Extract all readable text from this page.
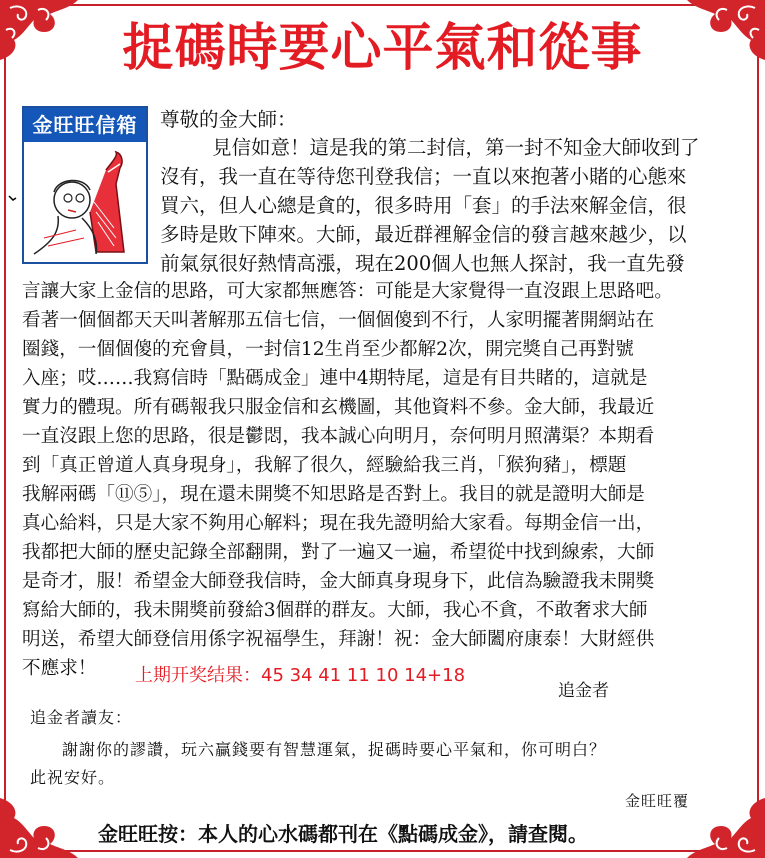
捉碼時要心平氣和從事
金旺旺信箱	尊敬的金大師：
見信如意！這是我的第二封信，第一封不知金大師收到了
沒有，我一直在等待您刊登我信；一直以來抱著小賭的心態來
買六，但人心總是貪的，很多時用「套」的手法來解金信，很
多時是敗下陣來。大師，最近群裡解金信的發言越來越少，以
前氣氛很好熱情高漲，現在200個人也無人探討，我一直先發
言讓大家上金信的思路，可大家都無應答：可能是大家覺得一直沒跟上思路吧。
看著一個個都天天叫著解那五信七信，一個個傻到不行，人家明擺著開網站在
圈錢，一個個傻的充會員，一封信12生肖至少都解2次，開完獎自己再對號
入座；哎……我寫信時「點碼成金」連中4期特尾，這是有目共睹的，這就是
實力的體現。所有碼報我只服金信和玄機圖，其他資料不參。金大師，我最近
一直沒跟上您的思路，很是鬱悶，我本誠心向明月，奈何明月照溝渠？本期看
到「真正曾道人真身現身」，我解了很久，經驗給我三肖，「猴狗豬」，標題
我解兩碼「⑪⑤」，現在還未開獎不知思路是否對上。我目的就是證明大師是
真心給料，只是大家不夠用心解料；現在我先證明給大家看。每期金信一出，
我都把大師的歷史記錄全部翻開，對了一遍又一遍，希望從中找到線索，大師
是奇才，服！希望金大師登我信時，金大師真身現身下，此信為驗證我未開獎
寫給大師的，我未開獎前發給3個群的群友。大師，我心不貪，不敢奢求大師
明送，希望大師登信用係字祝福學生，拜謝！祝：金大師闔府康泰！大財經供
不應求！ 上期开奖结果：45 34 41 11 10 14+18
追金者
追金者讀友：

謝謝你的謬讚，玩六贏錢要有智慧運氣，捉碼時要心平氣和，你可明白？

此祝安好。

金旺旺覆
金旺旺按：本人的心水碼都刊在《點碼成金》，請查閱。
